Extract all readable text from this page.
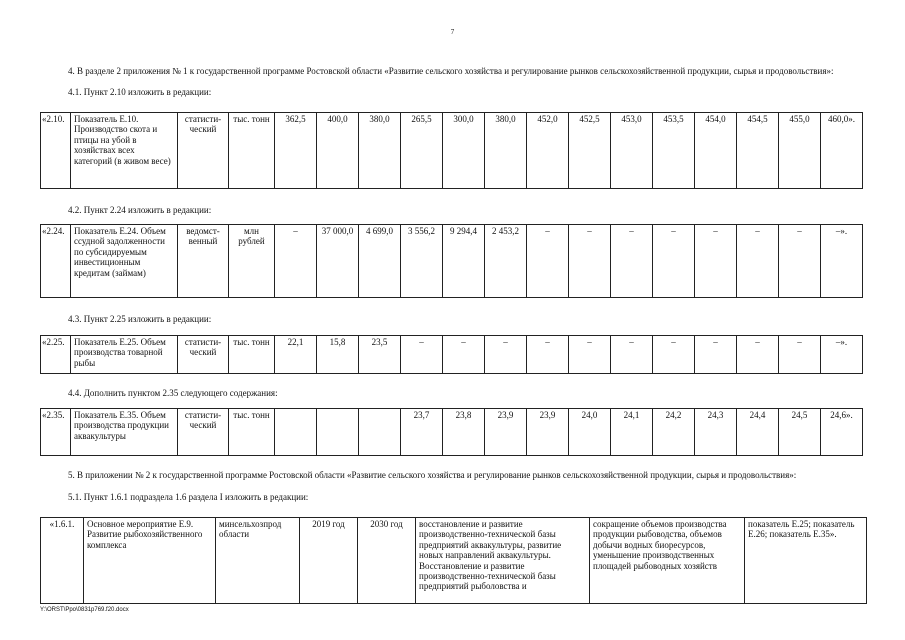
7
4. В разделе 2 приложения № 1 к государственной программе Ростовской области «Развитие сельского хозяйства и регулирование рынков сельскохозяйственной продукции, сырья и продовольствия»:
4.1. Пункт 2.10 изложить в редакции:
«2.10.	Показатель Е.10. Производство скота и птицы на убой в хозяйствах всех категорий (в живом весе)	статисти-ческий	тыс. тонн	362,5	400,0	380,0	265,5	300,0	380,0	452,0	452,5	453,0	453,5	454,0	454,5	455,0	460,0».
4.2. Пункт 2.24 изложить в редакции:
«2.24.	Показатель Е.24. Объем ссудной задолженности по субсидируемым инвестиционным кредитам (займам)	ведомст-венный	млн рублей	–	37 000,0	4 699,0	3 556,2	9 294,4	2 453,2	–	–	–	–	–	–	–	–».
4.3. Пункт 2.25 изложить в редакции:
«2.25.	Показатель Е.25. Объем производства товарной рыбы	статисти-ческий	тыс. тонн	22,1	15,8	23,5	–	–	–	–	–	–	–	–	–	–	–».
4.4. Дополнить пунктом 2.35 следующего содержания:
«2.35.	Показатель Е.35. Объем производства продукции аквакультуры	статисти-ческий	тыс. тонн				23,7	23,8	23,9	23,9	24,0	24,1	24,2	24,3	24,4	24,5	24,6».
5. В приложении № 2 к государственной программе Ростовской области «Развитие сельского хозяйства и регулирование рынков сельскохозяйственной продукции, сырья и продовольствия»:
5.1. Пункт 1.6.1 подраздела 1.6 раздела I изложить в редакции:
«1.6.1.	Основное мероприятие Е.9. Развитие рыбохозяйственного комплекса	минсельхозпрод области	2019 год	2030 год	восстановление и развитие производственно-технической базы предприятий аквакультуры, развитие новых направлений аквакультуры. Восстановление и развитие производственно-технической базы предприятий рыболовства и	сокращение объемов производства продукции рыбоводства, объемов добычи водных биоресурсов, уменьшение производственных площадей рыбоводных хозяйств	показатель Е.25; показатель Е.26; показатель Е.35».
Y:\ORST\Ppo\0831p769.f20.docx
